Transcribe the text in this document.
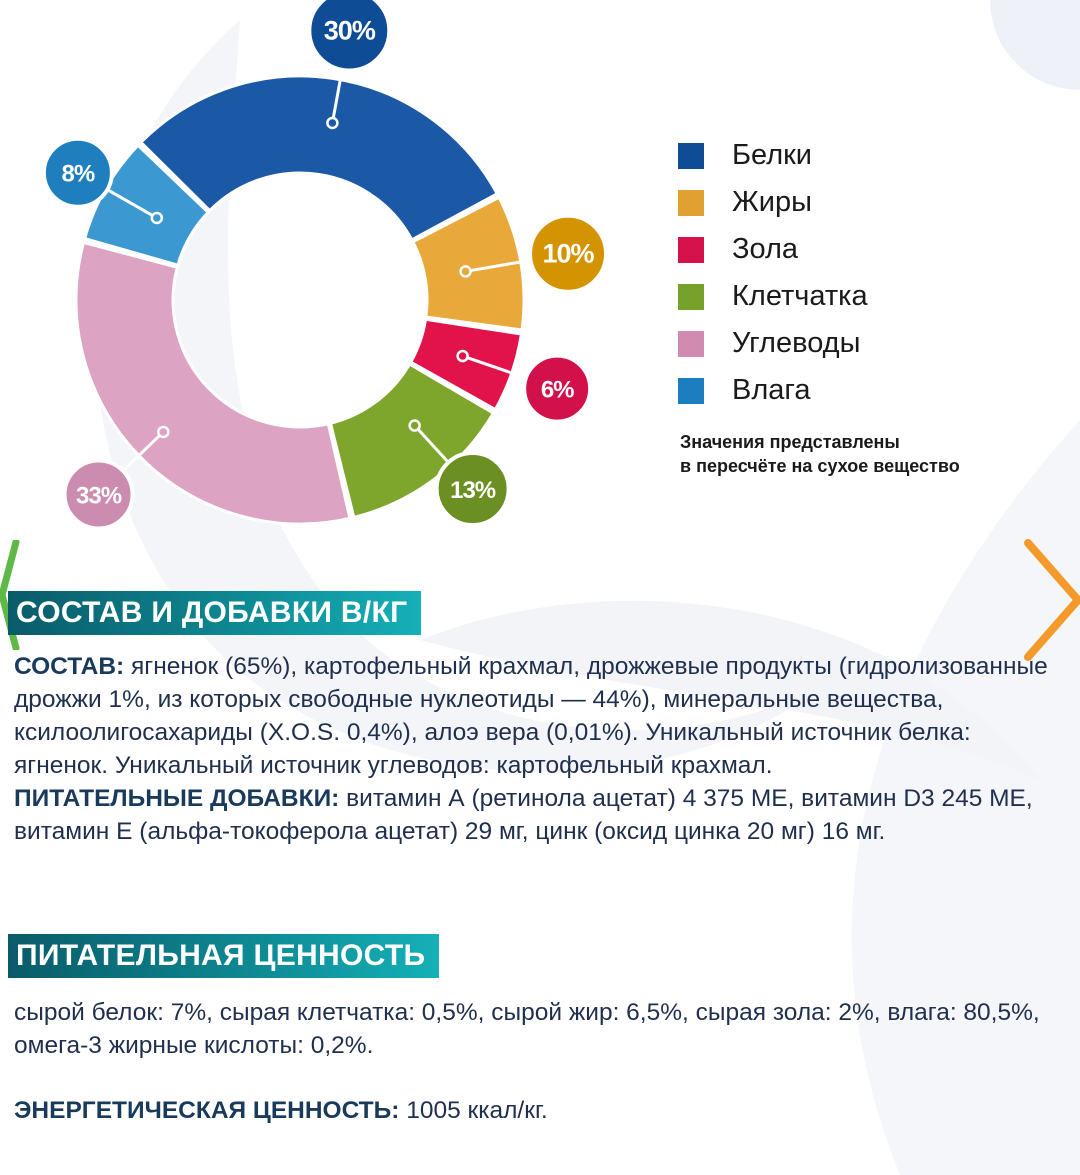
30%
10%
6%
13%
33%
8%
Белки
Жиры
Зола
Клетчатка
Углеводы
Влага
Значения представлены
в пересчёте на сухое вещество
СОСТАВ И ДОБАВКИ В/КГ
СОСТАВ: ягненок (65%), картофельный крахмал, дрожжевые продукты (гидролизованные дрожжи 1%, из которых свободные нуклеотиды — 44%), минеральные вещества, ксилоолигосахариды (X.O.S. 0,4%), алоэ вера (0,01%). Уникальный источник белка: ягненок. Уникальный источник углеводов: картофельный крахмал.
ПИТАТЕЛЬНЫЕ ДОБАВКИ: витамин А (ретинола ацетат) 4 375 МЕ, витамин D3 245 МЕ, витамин Е (альфа-токоферола ацетат) 29 мг, цинк (оксид цинка 20 мг) 16 мг.
ПИТАТЕЛЬНАЯ ЦЕННОСТЬ
сырой белок: 7%, сырая клетчатка: 0,5%, сырой жир: 6,5%, сырая зола: 2%, влага: 80,5%, омега-3 жирные кислоты: 0,2%.
ЭНЕРГЕТИЧЕСКАЯ ЦЕННОСТЬ: 1005 ккал/кг.
